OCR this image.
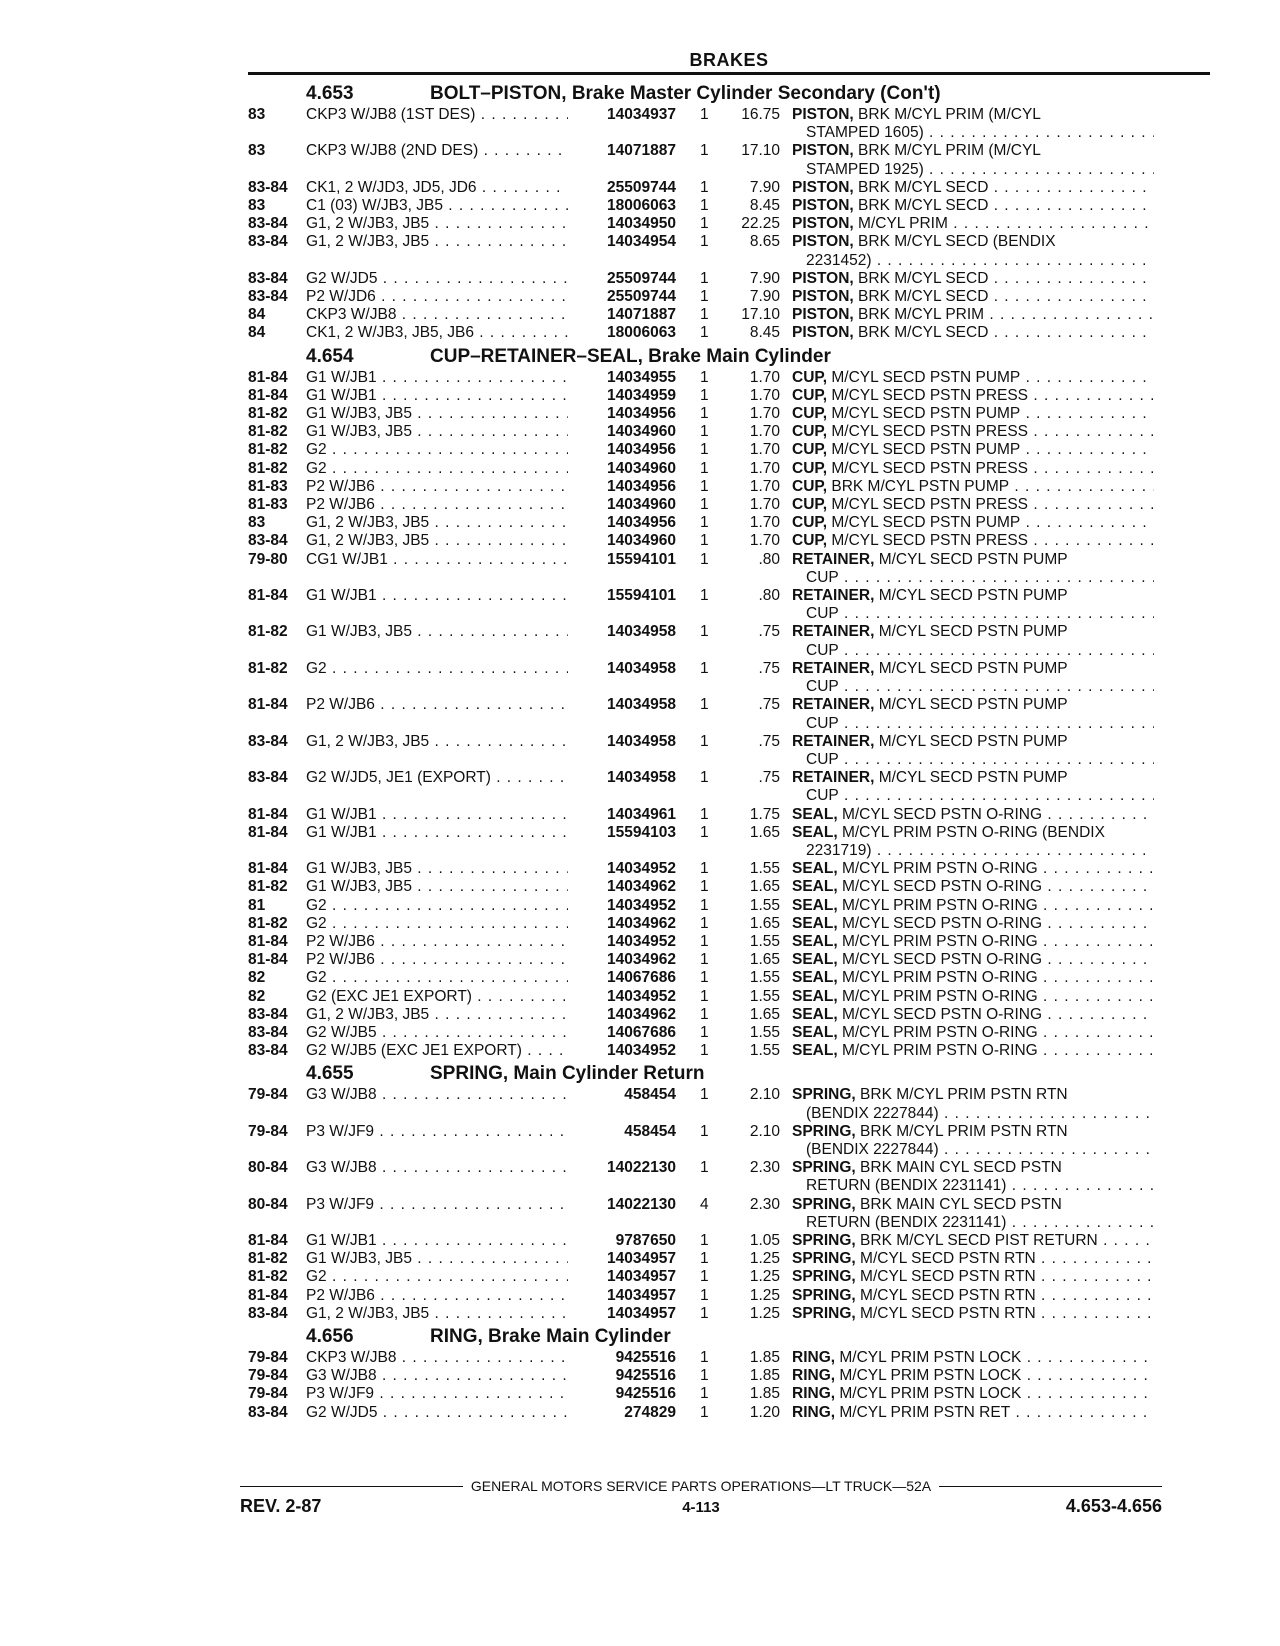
BRAKES
4.653	BOLT–PISTON, Brake Master Cylinder Secondary (Con't)
83	CKP3 W/JB8 (1ST DES) . . .	14034937	1	16.75 PISTON, BRK M/CYL PRIM (M/CYL
STAMPED 1605) . . .
83	CKP3 W/JB8 (2ND DES) . . .	14071887	1	17.10 PISTON, BRK M/CYL PRIM (M/CYL
STAMPED 1925) . . .
83-84	CK1, 2 W/JD3, JD5, JD6 . . .	25509744	1	7.90 PISTON, BRK M/CYL SECD . . .
83	C1 (03) W/JB3, JB5 . . .	18006063	1	8.45 PISTON, BRK M/CYL SECD . . .
83-84	G1, 2 W/JB3, JB5 . . .	14034950	1	22.25 PISTON, M/CYL PRIM . . .
83-84	G1, 2 W/JB3, JB5 . . .	14034954	1	8.65 PISTON, BRK M/CYL SECD (BENDIX
2231452) . . .
83-84	G2 W/JD5 . . .	25509744	1	7.90 PISTON, BRK M/CYL SECD . . .
83-84	P2 W/JD6 . . .	25509744	1	7.90 PISTON, BRK M/CYL SECD . . .
84	CKP3 W/JB8 . . .	14071887	1	17.10 PISTON, BRK M/CYL PRIM . . .
84	CK1, 2 W/JB3, JB5, JB6 . . .	18006063	1	8.45 PISTON, BRK M/CYL SECD . . .
4.654	CUP–RETAINER–SEAL, Brake Main Cylinder
81-84	G1 W/JB1 . . .	14034955	1	1.70 CUP, M/CYL SECD PSTN PUMP . . .
81-84	G1 W/JB1 . . .	14034959	1	1.70 CUP, M/CYL SECD PSTN PRESS . . .
81-82	G1 W/JB3, JB5 . . .	14034956	1	1.70 CUP, M/CYL SECD PSTN PUMP . . .
81-82	G1 W/JB3, JB5 . . .	14034960	1	1.70 CUP, M/CYL SECD PSTN PRESS . . .
81-82	G2 . . .	14034956	1	1.70 CUP, M/CYL SECD PSTN PUMP . . .
81-82	G2 . . .	14034960	1	1.70 CUP, M/CYL SECD PSTN PRESS . . .
81-83	P2 W/JB6 . . .	14034956	1	1.70 CUP, BRK M/CYL PSTN PUMP . . .
81-83	P2 W/JB6 . . .	14034960	1	1.70 CUP, M/CYL SECD PSTN PRESS . . .
83	G1, 2 W/JB3, JB5 . . .	14034956	1	1.70 CUP, M/CYL SECD PSTN PUMP . . .
83-84	G1, 2 W/JB3, JB5 . . .	14034960	1	1.70 CUP, M/CYL SECD PSTN PRESS . . .
79-80	CG1 W/JB1 . . .	15594101	1	.80 RETAINER, M/CYL SECD PSTN PUMP
CUP . . .
81-84	G1 W/JB1 . . .	15594101	1	.80 RETAINER, M/CYL SECD PSTN PUMP
CUP . . .
81-82	G1 W/JB3, JB5 . . .	14034958	1	.75 RETAINER, M/CYL SECD PSTN PUMP
CUP . . .
81-82	G2 . . .	14034958	1	.75 RETAINER, M/CYL SECD PSTN PUMP
CUP . . .
81-84	P2 W/JB6 . . .	14034958	1	.75 RETAINER, M/CYL SECD PSTN PUMP
CUP . . .
83-84	G1, 2 W/JB3, JB5 . . .	14034958	1	.75 RETAINER, M/CYL SECD PSTN PUMP
CUP . . .
83-84	G2 W/JD5, JE1 (EXPORT) . . .	14034958	1	.75 RETAINER, M/CYL SECD PSTN PUMP
CUP . . .
81-84	G1 W/JB1 . . .	14034961	1	1.75 SEAL, M/CYL SECD PSTN O-RING . . .
81-84	G1 W/JB1 . . .	15594103	1	1.65 SEAL, M/CYL PRIM PSTN O-RING (BENDIX
2231719) . . .
81-84	G1 W/JB3, JB5 . . .	14034952	1	1.55 SEAL, M/CYL PRIM PSTN O-RING . . .
81-82	G1 W/JB3, JB5 . . .	14034962	1	1.65 SEAL, M/CYL SECD PSTN O-RING . . .
81	G2 . . .	14034952	1	1.55 SEAL, M/CYL PRIM PSTN O-RING . . .
81-82	G2 . . .	14034962	1	1.65 SEAL, M/CYL SECD PSTN O-RING . . .
81-84	P2 W/JB6 . . .	14034952	1	1.55 SEAL, M/CYL PRIM PSTN O-RING . . .
81-84	P2 W/JB6 . . .	14034962	1	1.65 SEAL, M/CYL SECD PSTN O-RING . . .
82	G2 . . .	14067686	1	1.55 SEAL, M/CYL PRIM PSTN O-RING . . .
82	G2 (EXC JE1 EXPORT) . . .	14034952	1	1.55 SEAL, M/CYL PRIM PSTN O-RING . . .
83-84	G1, 2 W/JB3, JB5 . . .	14034962	1	1.65 SEAL, M/CYL SECD PSTN O-RING . . .
83-84	G2 W/JB5 . . .	14067686	1	1.55 SEAL, M/CYL PRIM PSTN O-RING . . .
83-84	G2 W/JB5 (EXC JE1 EXPORT) . . .	14034952	1	1.55 SEAL, M/CYL PRIM PSTN O-RING . . .
4.655	SPRING, Main Cylinder Return
79-84	G3 W/JB8 . . .	458454	1	2.10 SPRING, BRK M/CYL PRIM PSTN RTN
(BENDIX 2227844) . . .
79-84	P3 W/JF9 . . .	458454	1	2.10 SPRING, BRK M/CYL PRIM PSTN RTN
(BENDIX 2227844) . . .
80-84	G3 W/JB8 . . .	14022130	1	2.30 SPRING, BRK MAIN CYL SECD PSTN
RETURN (BENDIX 2231141) . . .
80-84	P3 W/JF9 . . .	14022130	4	2.30 SPRING, BRK MAIN CYL SECD PSTN
RETURN (BENDIX 2231141) . . .
81-84	G1 W/JB1 . . .	9787650	1	1.05 SPRING, BRK M/CYL SECD PIST RETURN . . .
81-82	G1 W/JB3, JB5 . . .	14034957	1	1.25 SPRING, M/CYL SECD PSTN RTN . . .
81-82	G2 . . .	14034957	1	1.25 SPRING, M/CYL SECD PSTN RTN . . .
81-84	P2 W/JB6 . . .	14034957	1	1.25 SPRING, M/CYL SECD PSTN RTN . . .
83-84	G1, 2 W/JB3, JB5 . . .	14034957	1	1.25 SPRING, M/CYL SECD PSTN RTN . . .
4.656	RING, Brake Main Cylinder
79-84	CKP3 W/JB8 . . .	9425516	1	1.85 RING, M/CYL PRIM PSTN LOCK . . .
79-84	G3 W/JB8 . . .	9425516	1	1.85 RING, M/CYL PRIM PSTN LOCK . . .
79-84	P3 W/JF9 . . .	9425516	1	1.85 RING, M/CYL PRIM PSTN LOCK . . .
83-84	G2 W/JD5 . . .	274829	1	1.20 RING, M/CYL PRIM PSTN RET . . .
GENERAL MOTORS SERVICE PARTS OPERATIONS—LT TRUCK—52A
REV. 2-87	4-113	4.653-4.656
